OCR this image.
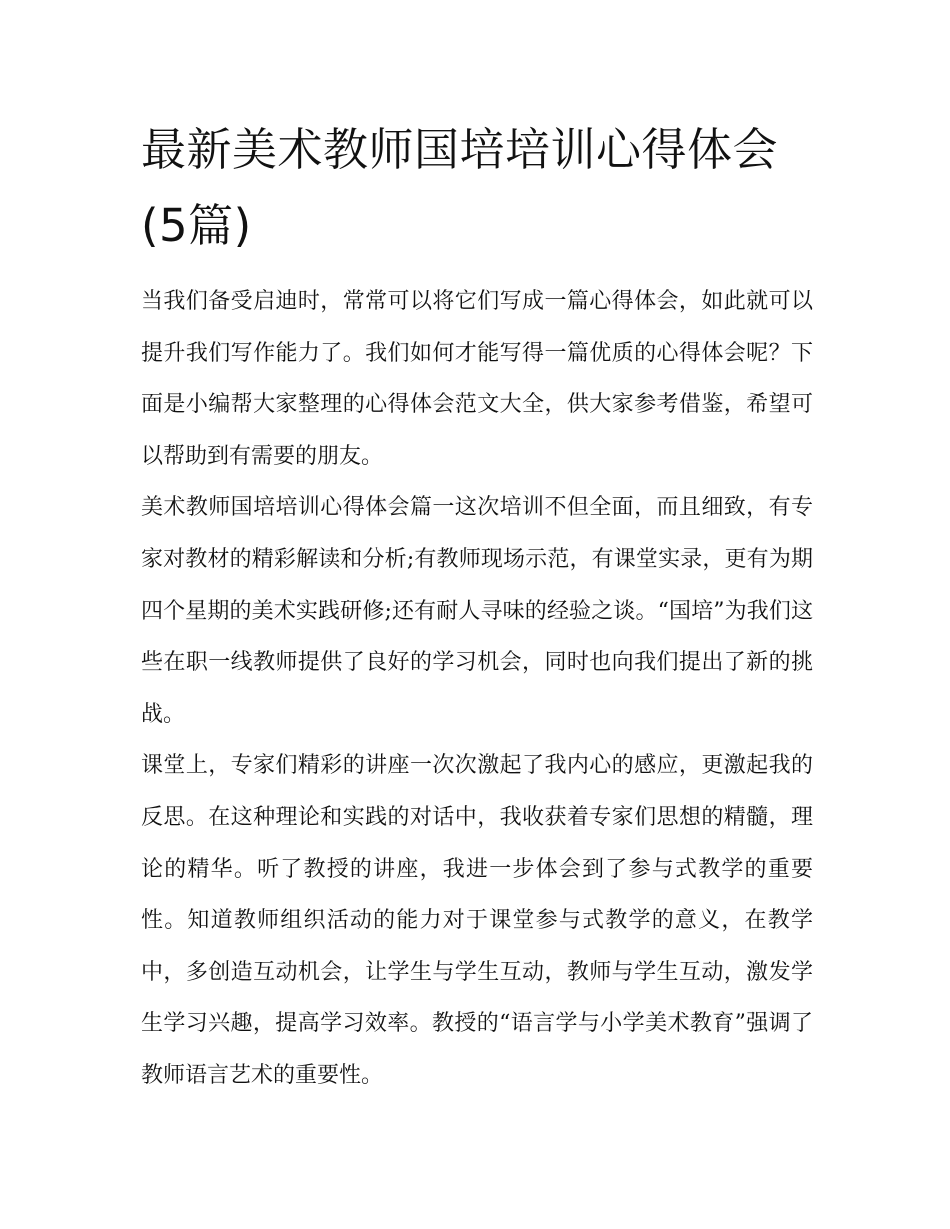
最新美术教师国培培训心得体会(5篇)

当我们备受启迪时，常常可以将它们写成一篇心得体会，如此就可以提升我们写作能力了。我们如何才能写得一篇优质的心得体会呢？下面是小编帮大家整理的心得体会范文大全，供大家参考借鉴，希望可以帮助到有需要的朋友。

美术教师国培培训心得体会篇一这次培训不但全面，而且细致，有专家对教材的精彩解读和分析;有教师现场示范，有课堂实录，更有为期四个星期的美术实践研修;还有耐人寻味的经验之谈。“国培”为我们这些在职一线教师提供了良好的学习机会，同时也向我们提出了新的挑战。

课堂上，专家们精彩的讲座一次次激起了我内心的感应，更激起我的反思。在这种理论和实践的对话中，我收获着专家们思想的精髓，理论的精华。听了教授的讲座，我进一步体会到了参与式教学的重要性。知道教师组织活动的能力对于课堂参与式教学的意义，在教学中，多创造互动机会，让学生与学生互动，教师与学生互动，激发学生学习兴趣，提高学习效率。教授的“语言学与小学美术教育”强调了教师语言艺术的重要性。
